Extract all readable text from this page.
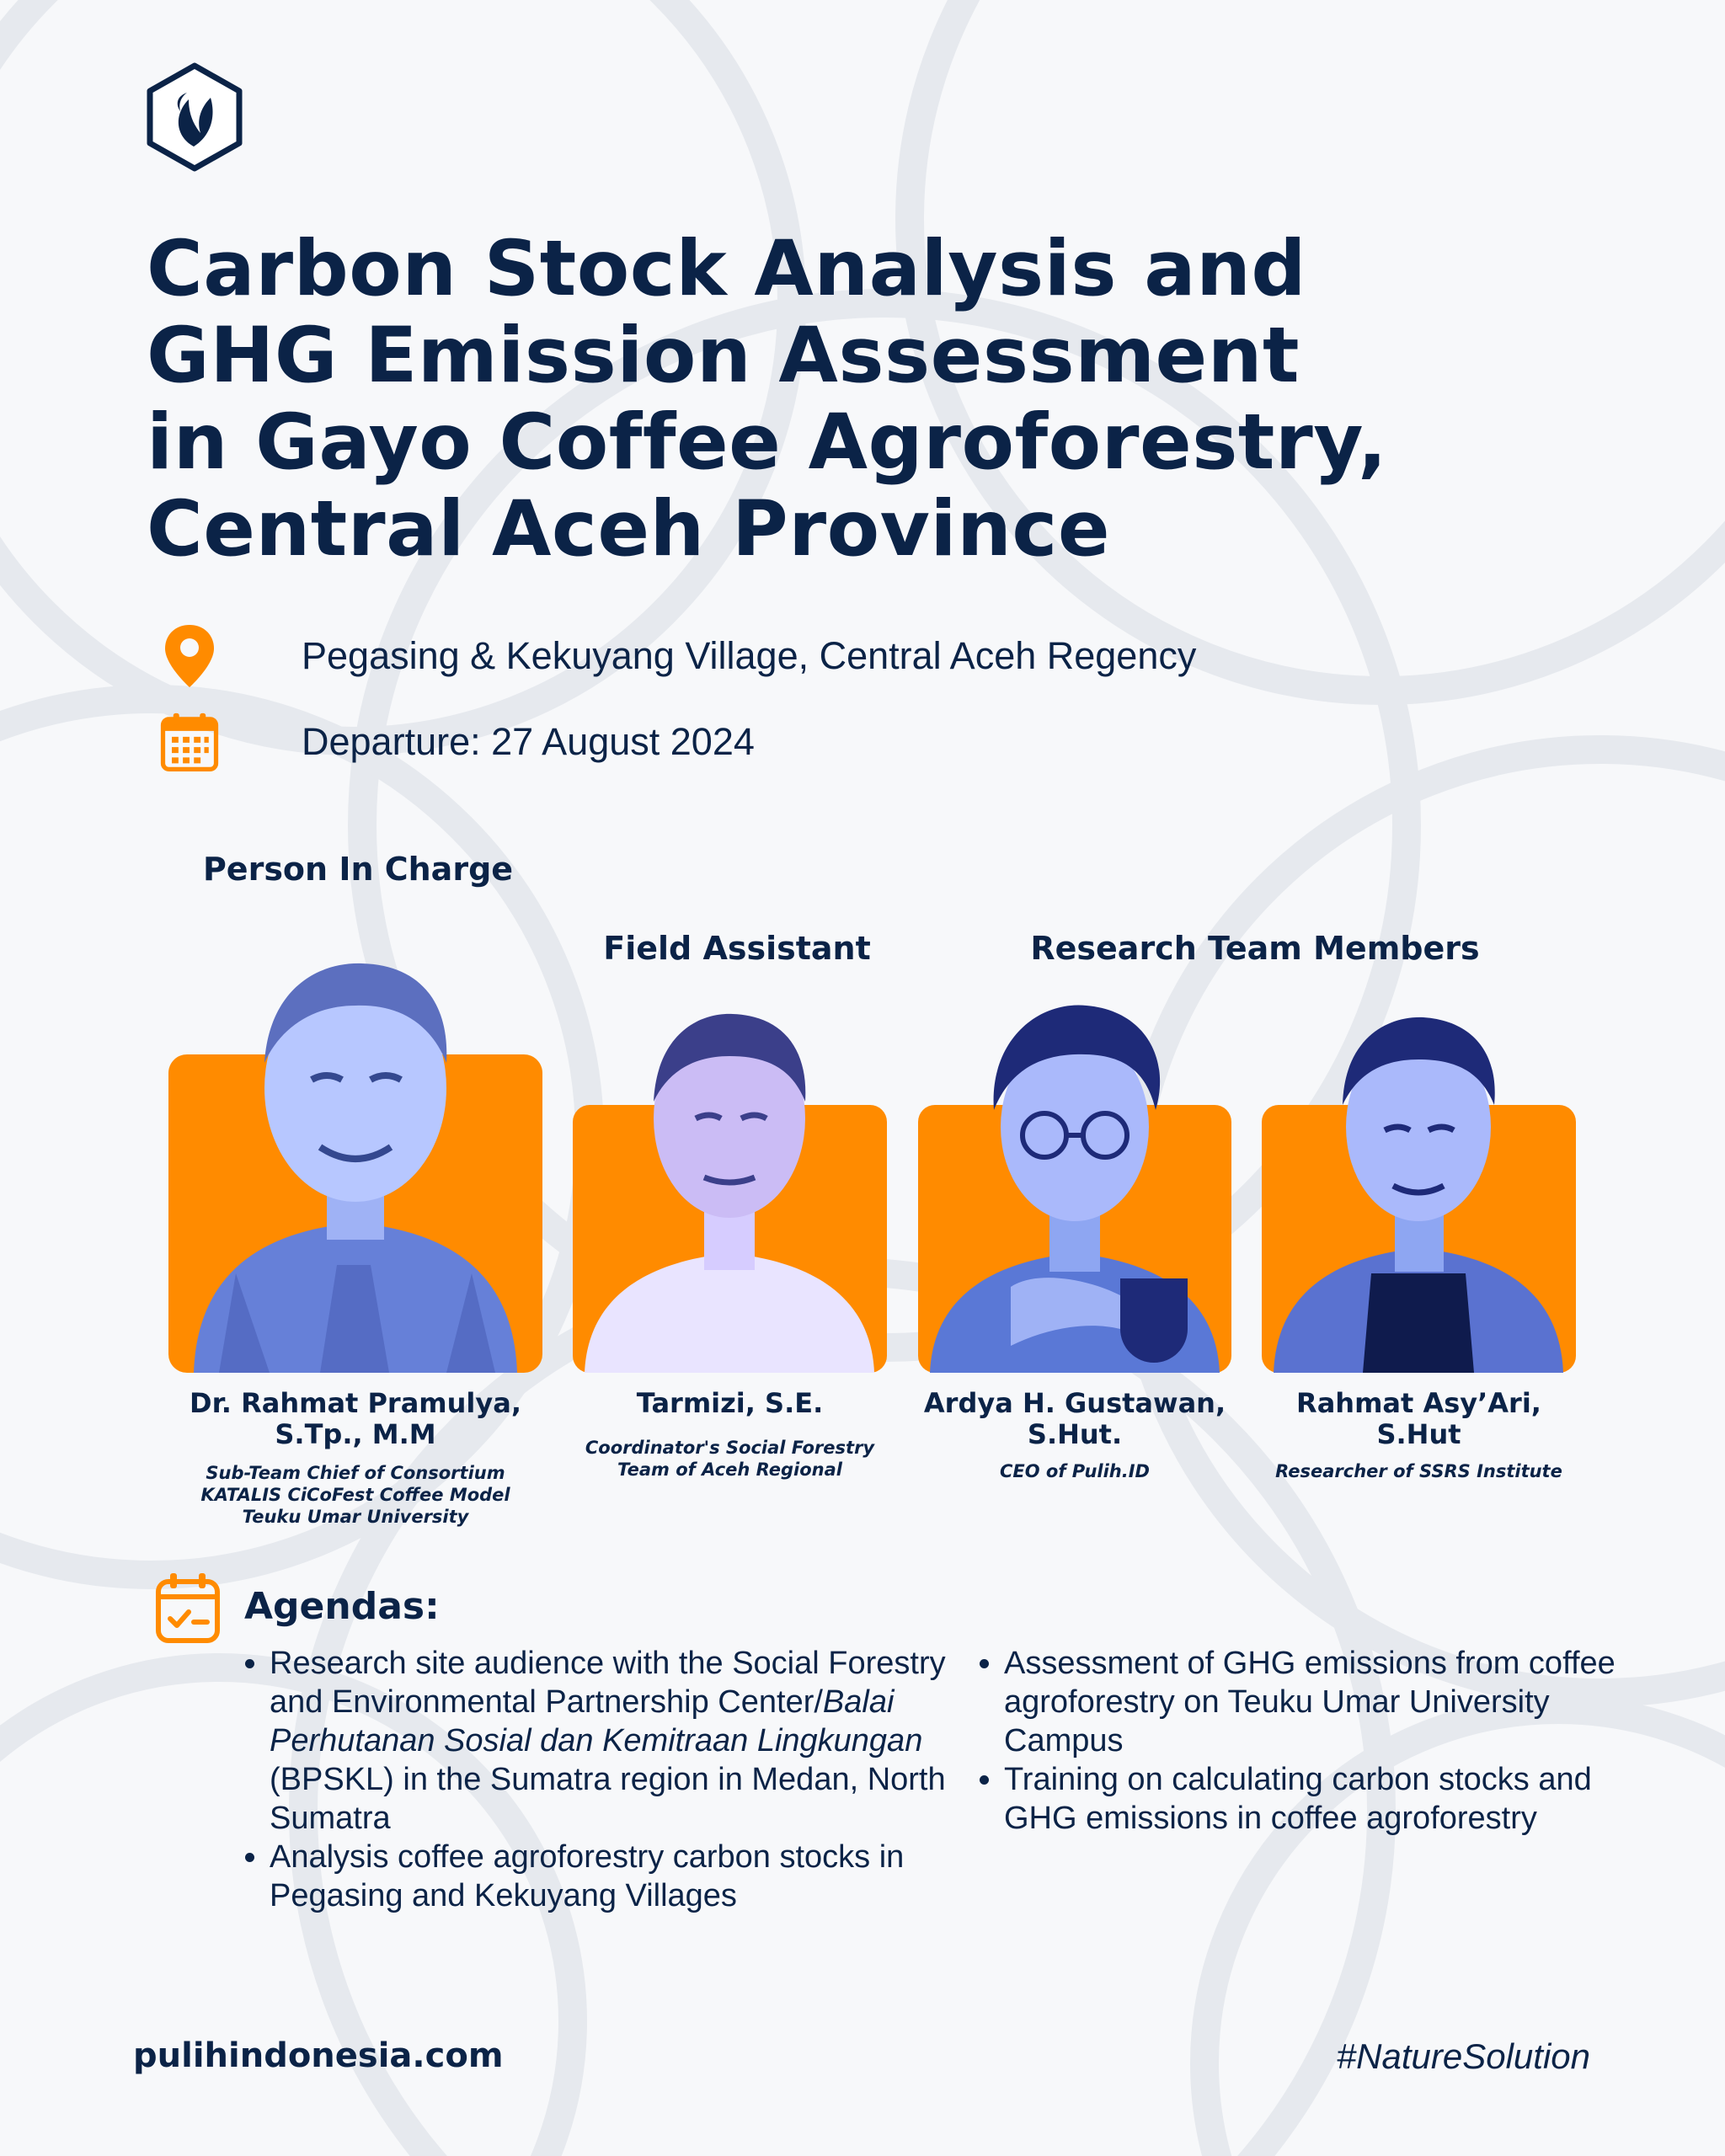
Carbon Stock Analysis and
GHG Emission Assessment
in Gayo Coffee Agroforestry,
Central Aceh Province
Pegasing & Kekuyang Village, Central Aceh Regency
Departure: 27 August 2024
Person In Charge
Field Assistant	Research Team Members
Dr. Rahmat Pramulya, S.Tp., M.M
Sub-Team Chief of Consortium KATALIS CiCoFest Coffee Model Teuku Umar University
Tarmizi, S.E.
Coordinator's Social Forestry Team of Aceh Regional
Ardya H. Gustawan, S.Hut.
CEO of Pulih.ID
Rahmat Asy’Ari, S.Hut
Researcher of SSRS Institute
Agendas:
• Research site audience with the Social Forestry and Environmental Partnership Center/Balai Perhutanan Sosial dan Kemitraan Lingkungan (BPSKL) in the Sumatra region in Medan, North Sumatra
• Analysis coffee agroforestry carbon stocks in Pegasing and Kekuyang Villages
• Assessment of GHG emissions from coffee agroforestry on Teuku Umar University Campus
• Training on calculating carbon stocks and GHG emissions in coffee agroforestry
pulihindonesia.com	#NatureSolution
